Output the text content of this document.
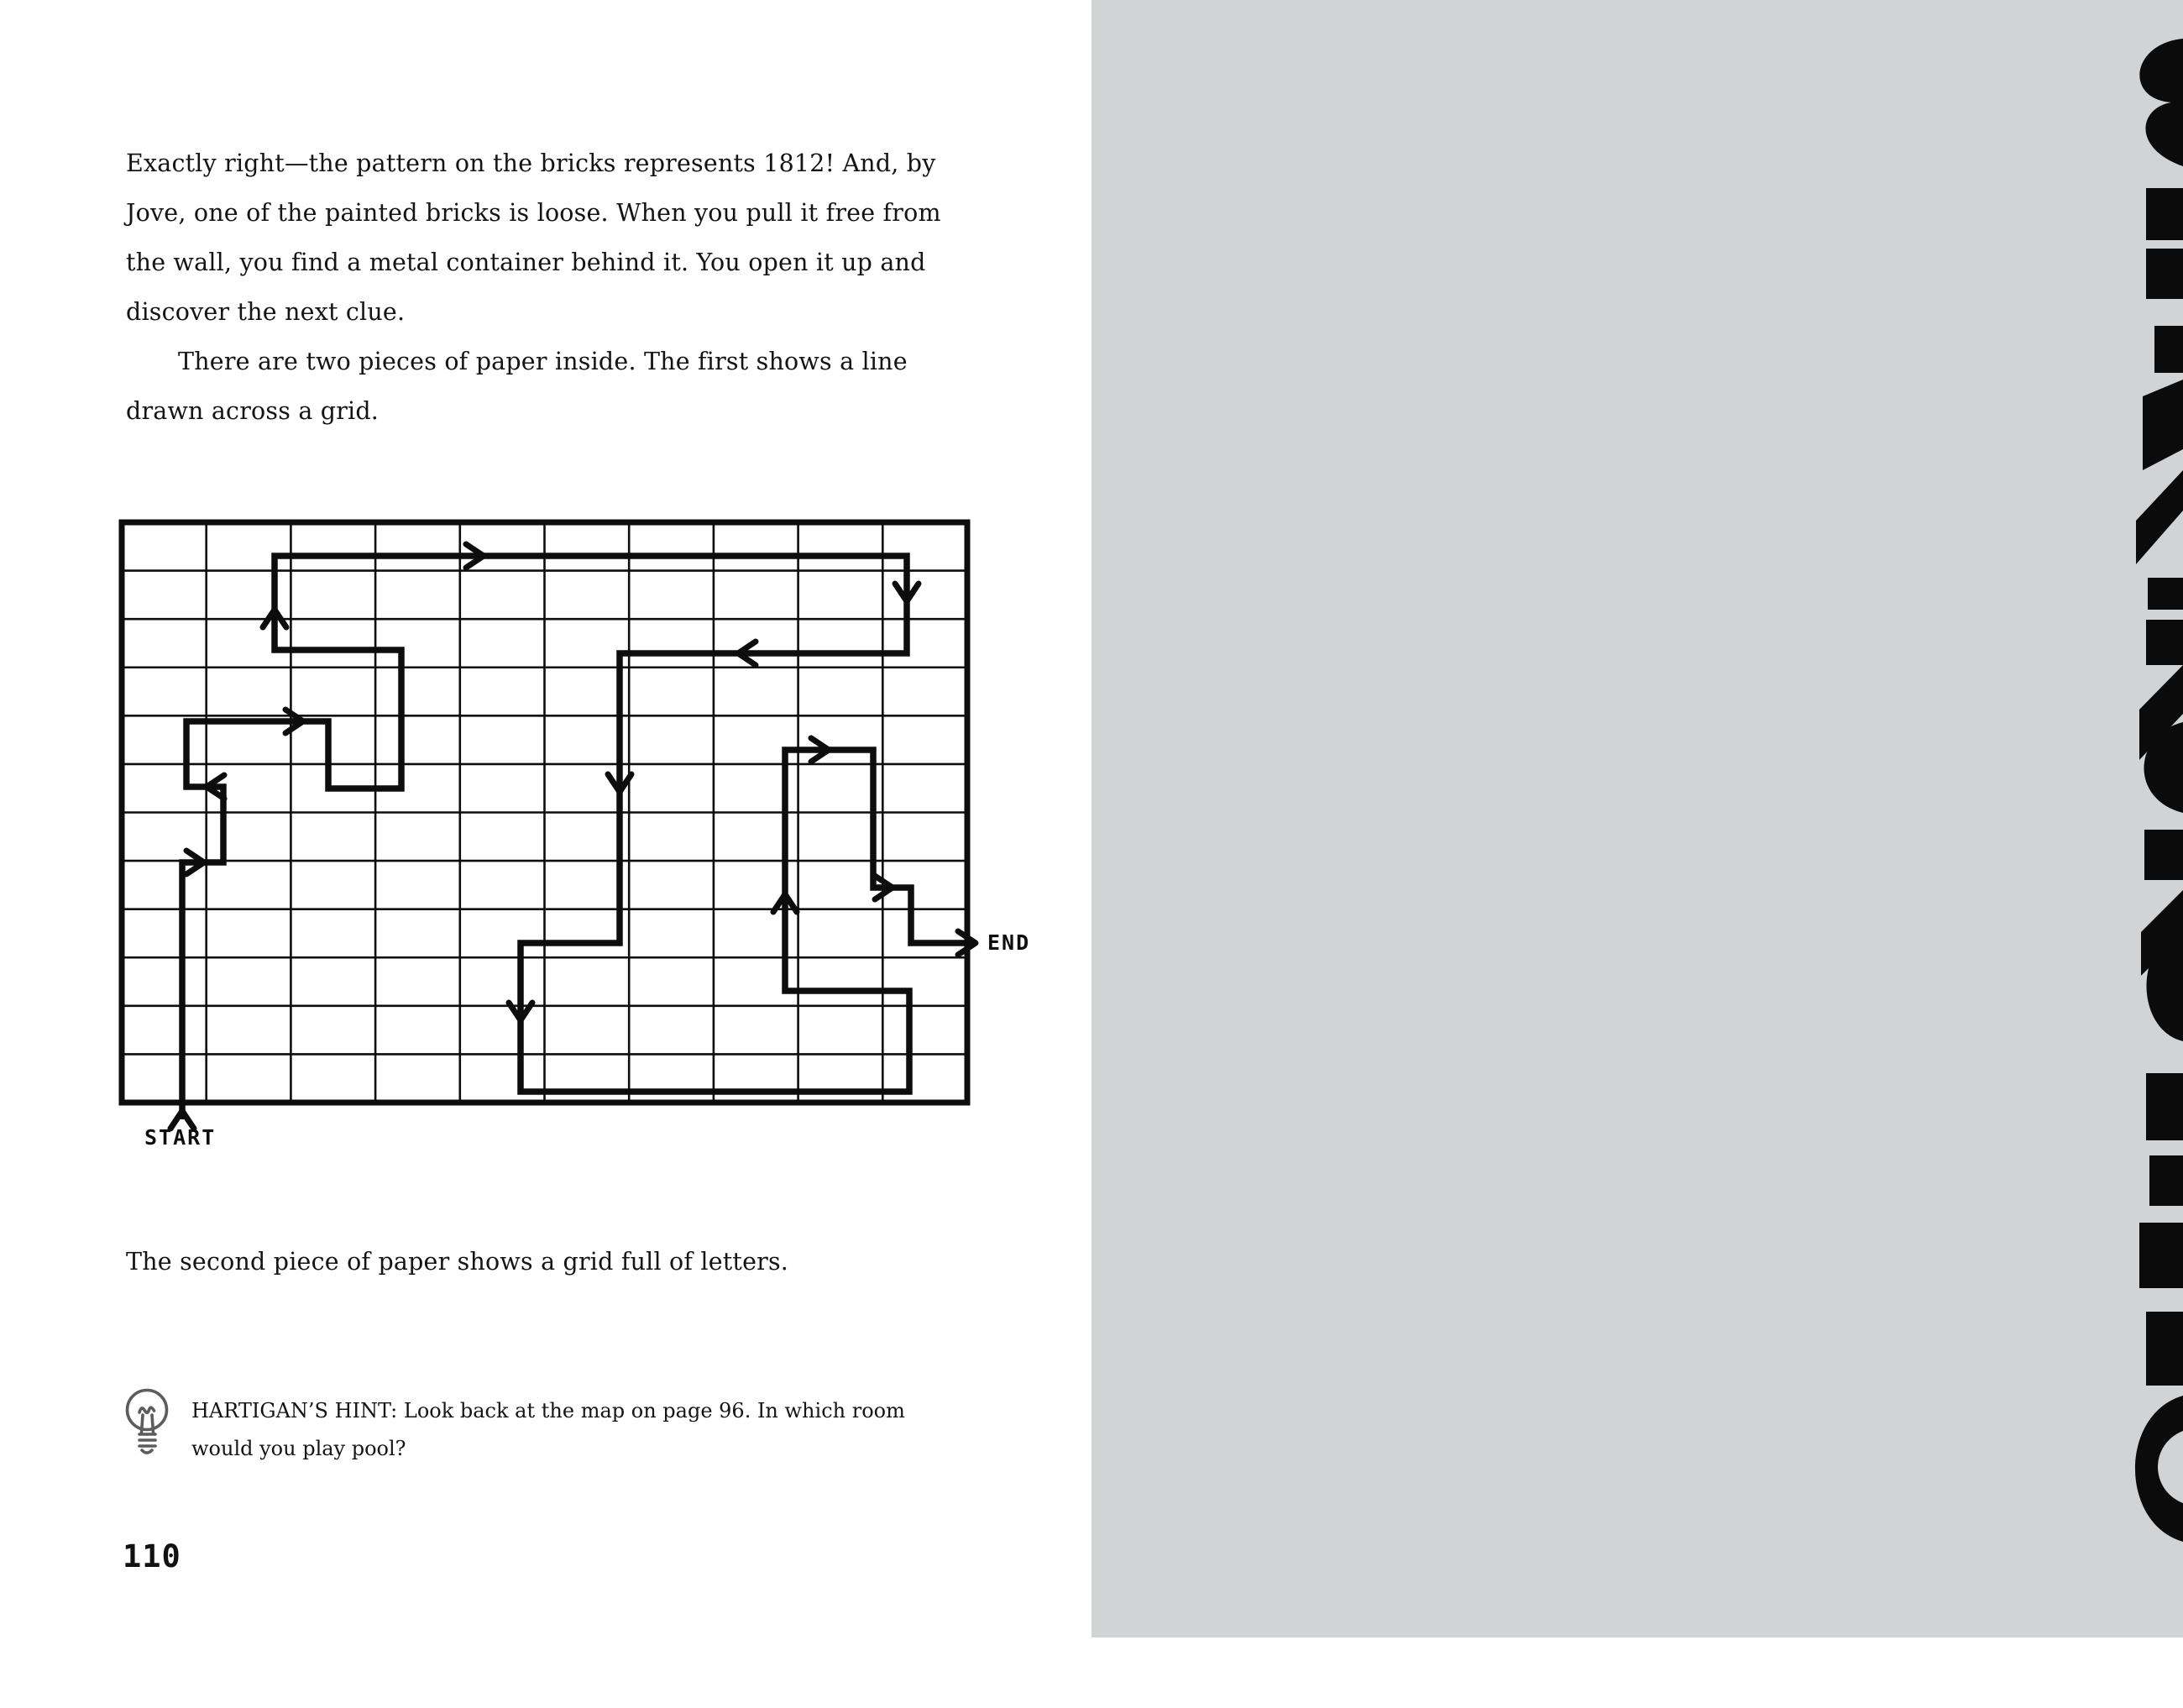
Exactly right—the pattern on the bricks represents 1812! And, by
Jove, one of the painted bricks is loose. When you pull it free from
the wall, you find a metal container behind it. You open it up and
discover the next clue.
There are two pieces of paper inside. The first shows a line
drawn across a grid.
START
END
The second piece of paper shows a grid full of letters.
HARTIGAN’S HINT: Look back at the map on page 96. In which room
would you play pool?
110
